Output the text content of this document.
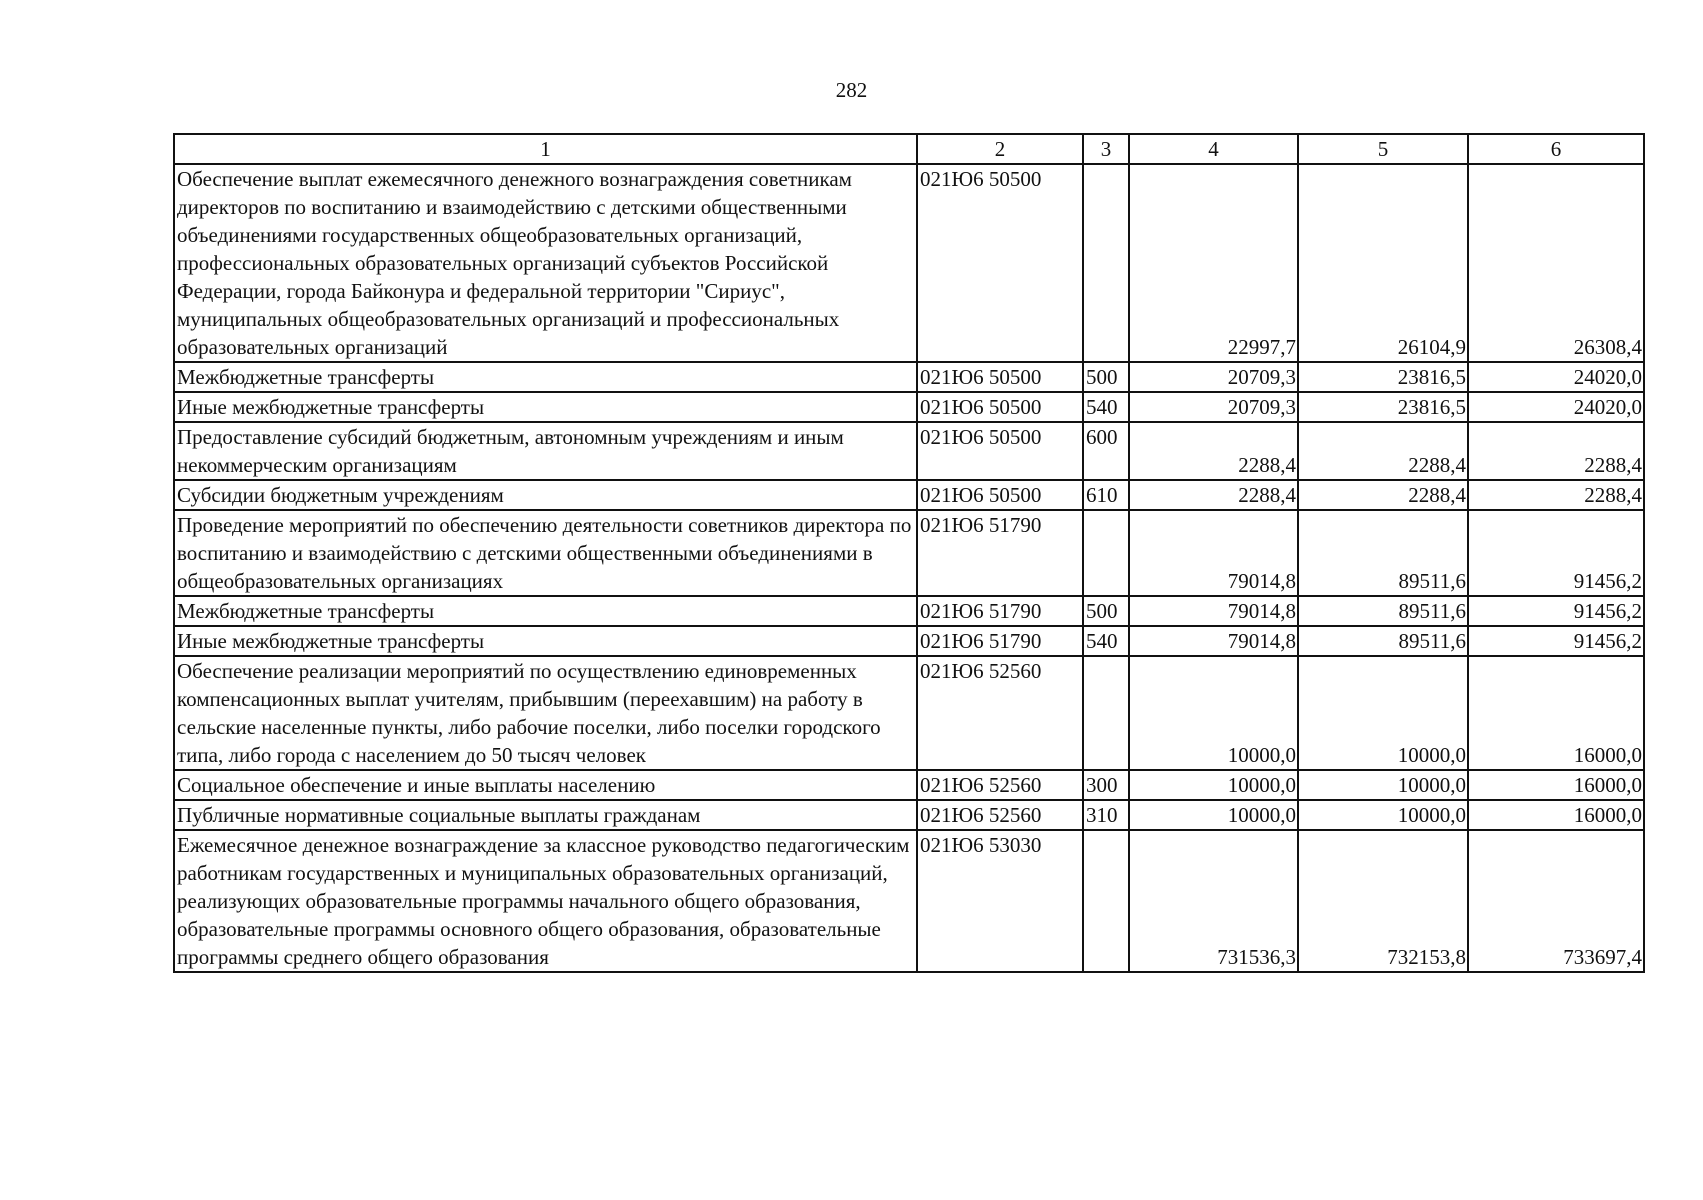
282
1	2	3	4	5	6
Обеспечение выплат ежемесячного денежного вознаграждения советникам директоров по воспитанию и взаимодействию с детскими общественными объединениями государственных общеобразовательных организаций, профессиональных образовательных организаций субъектов Российской Федерации, города Байконура и федеральной территории "Сириус", муниципальных общеобразовательных организаций и профессиональных образовательных организаций	021Ю6 50500		22997,7	26104,9	26308,4
Межбюджетные трансферты	021Ю6 50500	500	20709,3	23816,5	24020,0
Иные межбюджетные трансферты	021Ю6 50500	540	20709,3	23816,5	24020,0
Предоставление субсидий бюджетным, автономным учреждениям и иным некоммерческим организациям	021Ю6 50500	600	2288,4	2288,4	2288,4
Субсидии бюджетным учреждениям	021Ю6 50500	610	2288,4	2288,4	2288,4
Проведение мероприятий по обеспечению деятельности советников директора по воспитанию и взаимодействию с детскими общественными объединениями в общеобразовательных организациях	021Ю6 51790		79014,8	89511,6	91456,2
Межбюджетные трансферты	021Ю6 51790	500	79014,8	89511,6	91456,2
Иные межбюджетные трансферты	021Ю6 51790	540	79014,8	89511,6	91456,2
Обеспечение реализации мероприятий по осуществлению единовременных компенсационных выплат учителям, прибывшим (переехавшим) на работу в сельские населенные пункты, либо рабочие поселки, либо поселки городского типа, либо города с населением до 50 тысяч человек	021Ю6 52560		10000,0	10000,0	16000,0
Социальное обеспечение и иные выплаты населению	021Ю6 52560	300	10000,0	10000,0	16000,0
Публичные нормативные социальные выплаты гражданам	021Ю6 52560	310	10000,0	10000,0	16000,0
Ежемесячное денежное вознаграждение за классное руководство педагогическим работникам государственных и муниципальных образовательных организаций, реализующих образовательные программы начального общего образования, образовательные программы основного общего образования, образовательные программы среднего общего образования	021Ю6 53030		731536,3	732153,8	733697,4
